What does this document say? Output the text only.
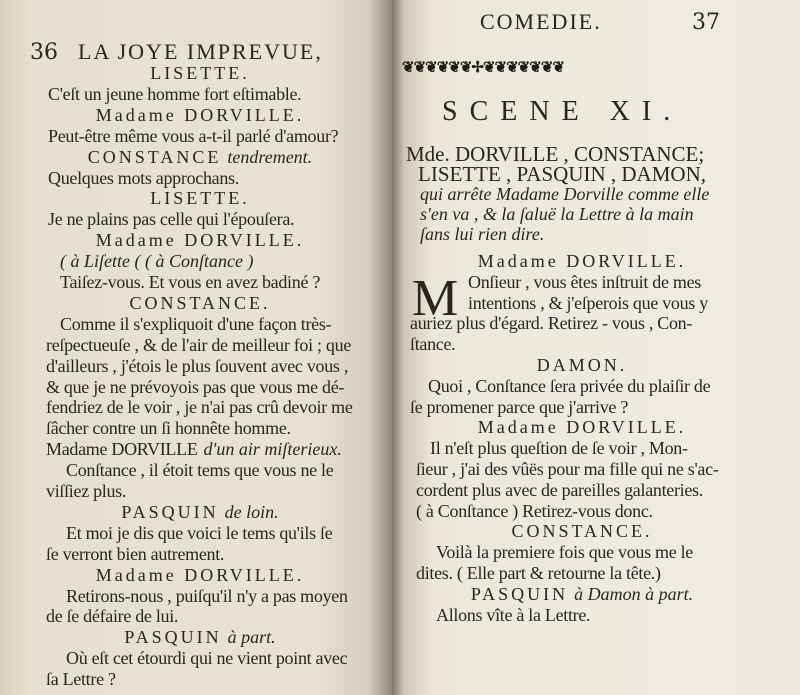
36 LA JOYE IMPREVUE,
LISETTE.
C'eſt un jeune homme fort eſtimable.
Madame DORVILLE.
Peut-être même vous a-t-il parlé d'amour?
CONSTANCE tendrement.
Quelques mots approchans.
LISETTE.
Je ne plains pas celle qui l'épouſera.
Madame DORVILLE.
( à Liſette ( ( à Conſtance )
Taiſez-vous. Et vous en avez badiné ?
CONSTANCE.
Comme il s'expliquoit d'une façon très-
reſpectueuſe , & de l'air de meilleur foi ; que
d'ailleurs , j'étois le plus ſouvent avec vous ,
& que je ne prévoyois pas que vous me dé-
fendriez de le voir , je n'ai pas crû devoir me
ſâcher contre un ſi honnête homme.
Madame DORVILLE d'un air miſterieux.
Conſtance , il étoit tems que vous ne le
viſſiez plus.
PASQUIN de loin.
Et moi je dis que voici le tems qu'ils ſe
ſe verront bien autrement.
Madame DORVILLE.
Retirons-nous , puiſqu'il n'y a pas moyen
de ſe défaire de lui.
PASQUIN à part.
Où eſt cet étourdi qui ne vient point avec
ſa Lettre ?
COMEDIE.	37
❦❦❦❦❦❦✢❦❦❦❦❦❦❦
SCENE XI.
Mde. DORVILLE , CONSTANCE;
LISETTE , PASQUIN , DAMON,
qui arrête Madame Dorville comme elle
s'en va , & la ſaluë la Lettre à la main
ſans lui rien dire.
M
Madame DORVILLE.
Onſieur , vous êtes inſtruit de mes
intentions , & j'eſperois que vous y
auriez plus d'égard. Retirez - vous , Con-
ſtance.
DAMON.
Quoi , Conſtance ſera privée du plaiſir de
ſe promener parce que j'arrive ?
Madame DORVILLE.
Il n'eſt plus queſtion de ſe voir , Mon-
ſieur , j'ai des vûës pour ma fille qui ne s'ac-
cordent plus avec de pareilles galanteries.
( à Conſtance ) Retirez-vous donc.
CONSTANCE.
Voilà la premiere fois que vous me le
dites. ( Elle part & retourne la tête.)
PASQUIN à Damon à part.
Allons vîte à la Lettre.
